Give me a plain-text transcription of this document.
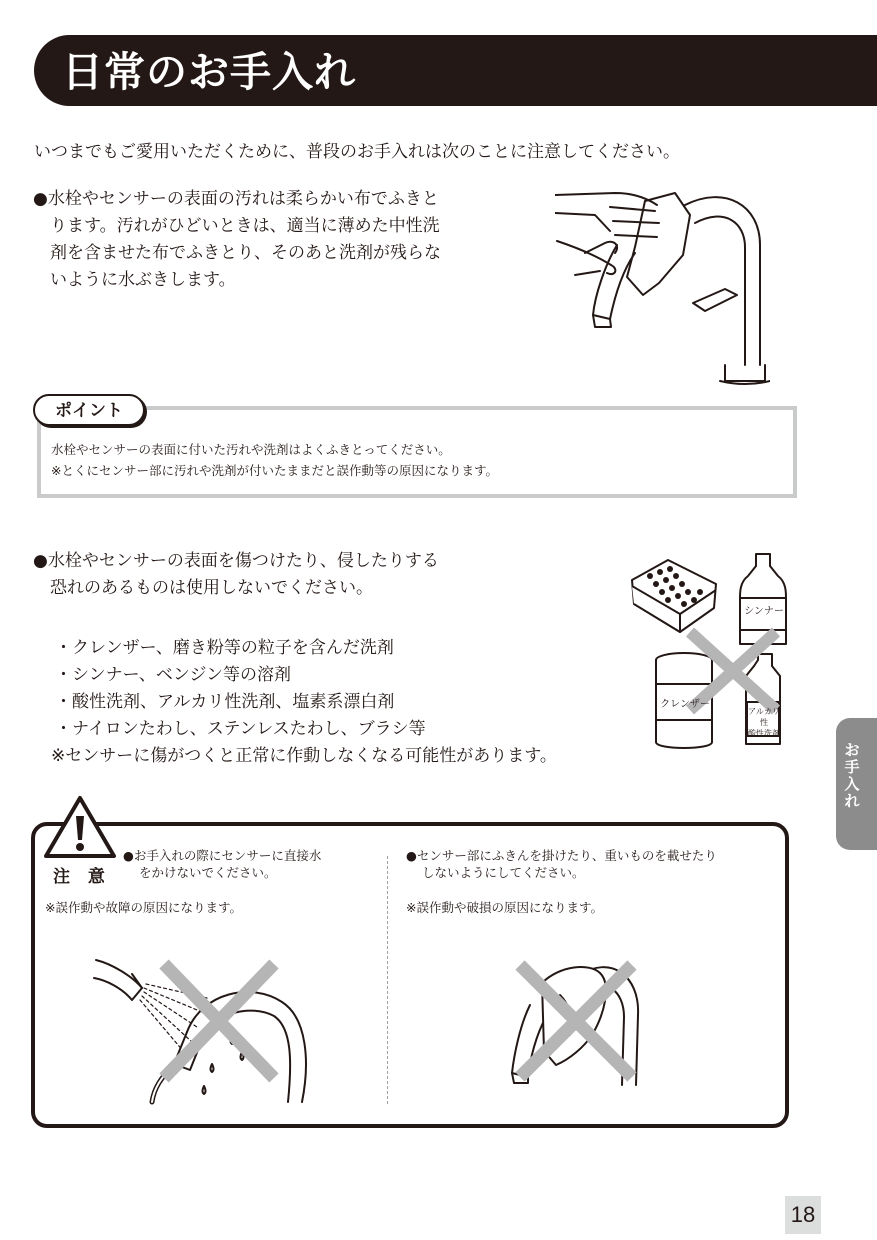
日常のお手入れ
いつまでもご愛用いただくために、普段のお手入れは次のことに注意してください。
●水栓やセンサーの表面の汚れは柔らかい布でふきと
ります。汚れがひどいときは、適当に薄めた中性洗
剤を含ませた布でふきとり、そのあと洗剤が残らな
いように水ぶきします。
ポイント
水栓やセンサーの表面に付いた汚れや洗剤はよくふきとってください。
※とくにセンサー部に汚れや洗剤が付いたままだと誤作動等の原因になります。
●水栓やセンサーの表面を傷つけたり、侵したりする
恐れのあるものは使用しないでください。
・クレンザー、磨き粉等の粒子を含んだ洗剤
・シンナー、ベンジン等の溶剤
・酸性洗剤、アルカリ性洗剤、塩素系漂白剤
・ナイロンたわし、ステンレスたわし、ブラシ等
※センサーに傷がつくと正常に作動しなくなる可能性があります。
シンナー
クレンザー
アルカリ性
酸性洗剤
お
手
入
れ
注 意
●お手入れの際にセンサーに直接水
をかけないでください。
※誤作動や故障の原因になります。
●センサー部にふきんを掛けたり、重いものを載せたり
しないようにしてください。
※誤作動や破損の原因になります。
18
